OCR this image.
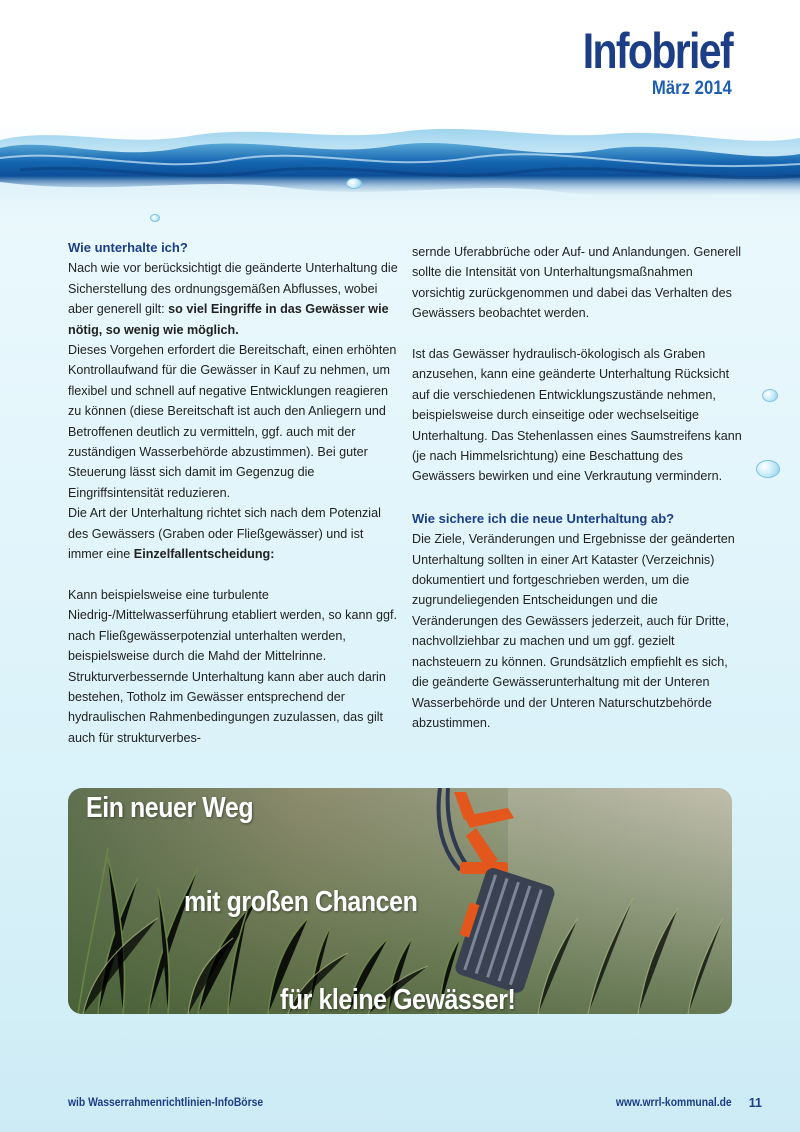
Infobrief
März 2014
Wie unterhalte ich?

Nach wie vor berücksichtigt die geänderte Unterhaltung die Sicherstellung des ordnungsgemäßen Abflusses, wobei aber generell gilt: so viel Eingriffe in das Gewässer wie nötig, so wenig wie möglich.

Dieses Vorgehen erfordert die Bereitschaft, einen erhöhten Kontrollaufwand für die Gewässer in Kauf zu nehmen, um flexibel und schnell auf negative Entwicklungen reagieren zu können (diese Bereitschaft ist auch den Anliegern und Betroffenen deutlich zu vermitteln, ggf. auch mit der zuständigen Wasserbehörde abzustimmen). Bei guter Steuerung lässt sich damit im Gegenzug die Eingriffsintensität reduzieren.

Die Art der Unterhaltung richtet sich nach dem Potenzial des Gewässers (Graben oder Fließgewässer) und ist immer eine Einzelfallentscheidung:

Kann beispielsweise eine turbulente Niedrig-/Mittelwasserführung etabliert werden, so kann ggf. nach Fließgewässerpotenzial unterhalten werden, beispielsweise durch die Mahd der Mittelrinne. Strukturverbessernde Unterhaltung kann aber auch darin bestehen, Totholz im Gewässer entsprechend der hydraulischen Rahmenbedingungen zuzulassen, das gilt auch für strukturverbes-

sernde Uferabbrüche oder Auf- und Anlandungen. Generell sollte die Intensität von Unterhaltungsmaßnahmen vorsichtig zurückgenommen und dabei das Verhalten des Gewässers beobachtet werden.

Ist das Gewässer hydraulisch-ökologisch als Graben anzusehen, kann eine geänderte Unterhaltung Rücksicht auf die verschiedenen Entwicklungszustände nehmen, beispielsweise durch einseitige oder wechselseitige Unterhaltung. Das Stehenlassen eines Saumstreifens kann (je nach Himmelsrichtung) eine Beschattung des Gewässers bewirken und eine Verkrautung vermindern.

Wie sichere ich die neue Unterhaltung ab?

Die Ziele, Veränderungen und Ergebnisse der geänderten Unterhaltung sollten in einer Art Kataster (Verzeichnis) dokumentiert und fortgeschrieben werden, um die zugrundeliegenden Entscheidungen und die Veränderungen des Gewässers jederzeit, auch für Dritte, nachvollziehbar zu machen und um ggf. gezielt nachsteuern zu können. Grundsätzlich empfiehlt es sich, die geänderte Gewässerunterhaltung mit der Unteren Wasserbehörde und der Unteren Naturschutzbehörde abzustimmen.

Ein neuer Weg
mit großen Chancen
für kleine Gewässer!
wib Wasserrahmenrichtlinien-InfoBörse	www.wrrl-kommunal.de 11
